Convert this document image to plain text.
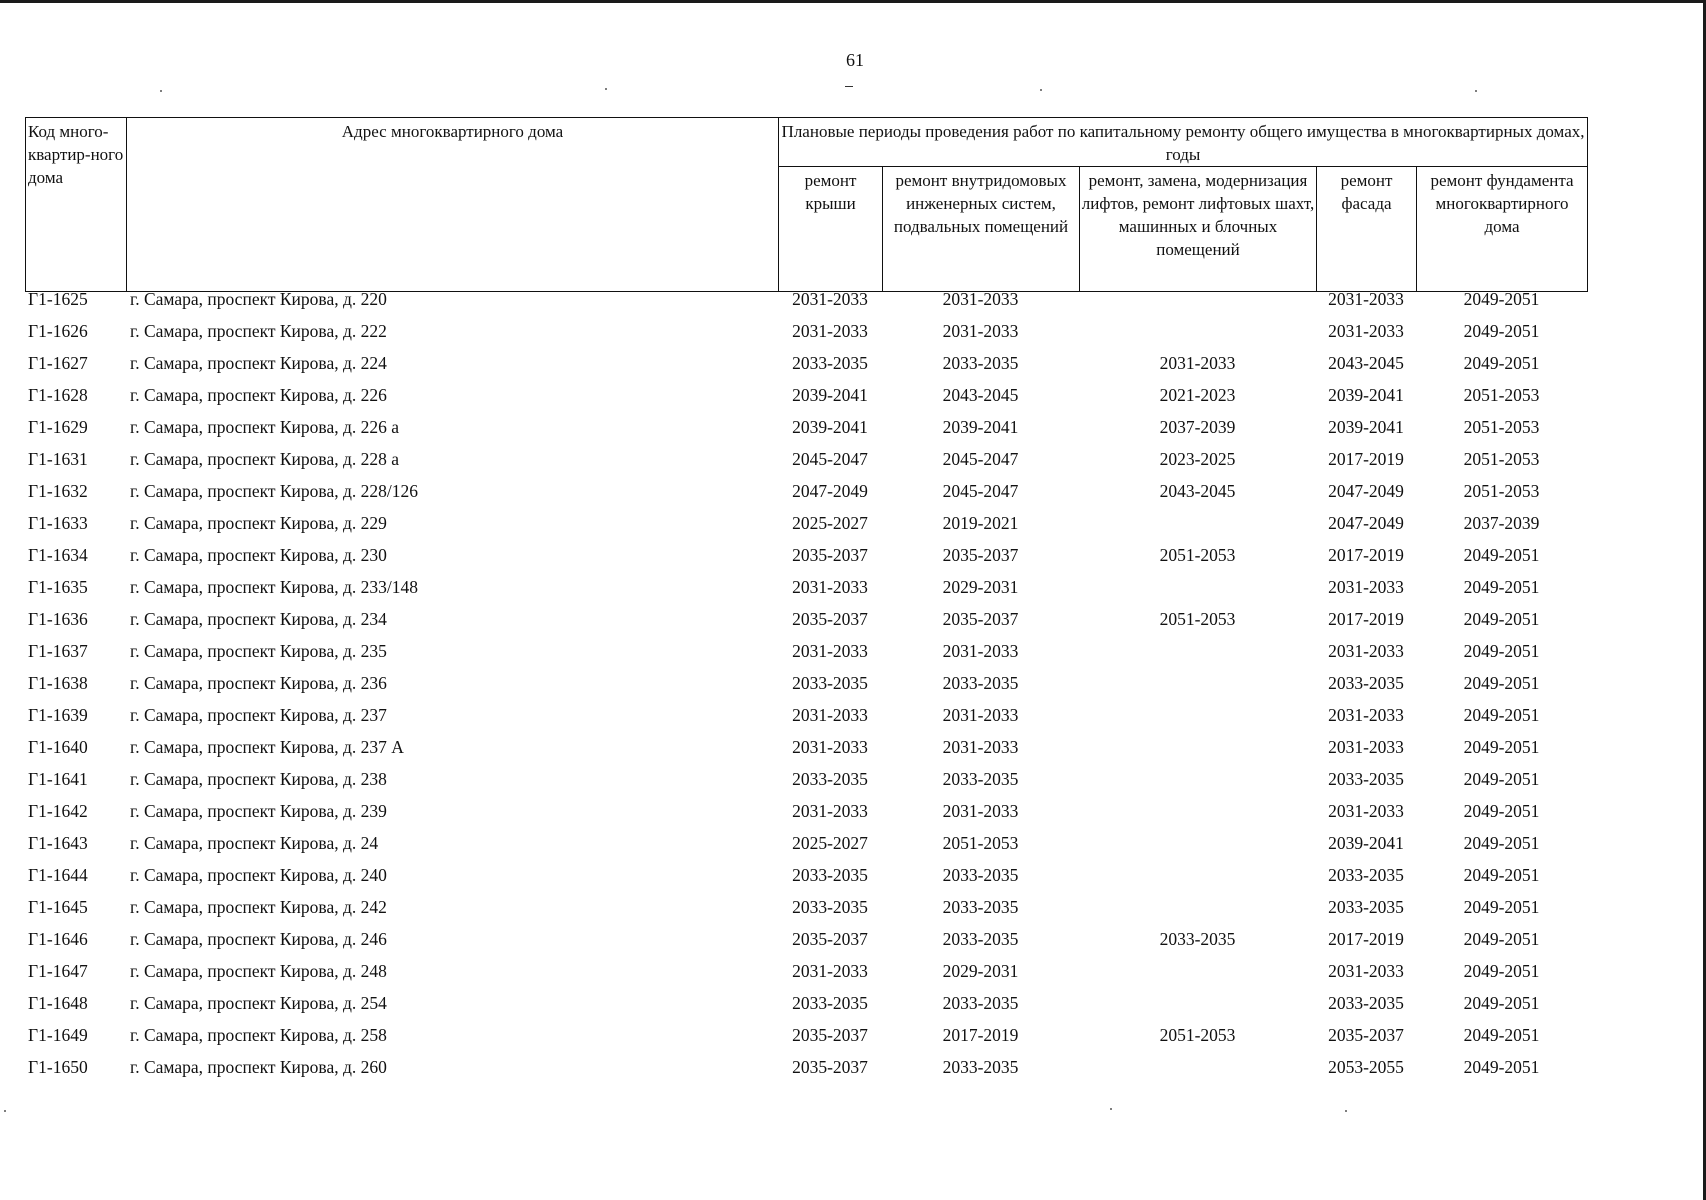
61
Код много-квартир-ного дома	Адрес многоквартирного дома	Плановые периоды проведения работ по капитальному ремонту общего имущества в многоквартирных домах, годы				
		ремонт крыши	ремонт внутридомовых инженерных систем, подвальных помещений	ремонт, замена, модернизация лифтов, ремонт лифтовых шахт, машинных и блочных помещений	ремонт фасада	ремонт фундамента многоквартирного дома
Г1-1625	г. Самара, проспект Кирова, д. 220	2031-2033	2031-2033		2031-2033	2049-2051
Г1-1626	г. Самара, проспект Кирова, д. 222	2031-2033	2031-2033		2031-2033	2049-2051
Г1-1627	г. Самара, проспект Кирова, д. 224	2033-2035	2033-2035	2031-2033	2043-2045	2049-2051
Г1-1628	г. Самара, проспект Кирова, д. 226	2039-2041	2043-2045	2021-2023	2039-2041	2051-2053
Г1-1629	г. Самара, проспект Кирова, д. 226 а	2039-2041	2039-2041	2037-2039	2039-2041	2051-2053
Г1-1631	г. Самара, проспект Кирова, д. 228 а	2045-2047	2045-2047	2023-2025	2017-2019	2051-2053
Г1-1632	г. Самара, проспект Кирова, д. 228/126	2047-2049	2045-2047	2043-2045	2047-2049	2051-2053
Г1-1633	г. Самара, проспект Кирова, д. 229	2025-2027	2019-2021		2047-2049	2037-2039
Г1-1634	г. Самара, проспект Кирова, д. 230	2035-2037	2035-2037	2051-2053	2017-2019	2049-2051
Г1-1635	г. Самара, проспект Кирова, д. 233/148	2031-2033	2029-2031		2031-2033	2049-2051
Г1-1636	г. Самара, проспект Кирова, д. 234	2035-2037	2035-2037	2051-2053	2017-2019	2049-2051
Г1-1637	г. Самара, проспект Кирова, д. 235	2031-2033	2031-2033		2031-2033	2049-2051
Г1-1638	г. Самара, проспект Кирова, д. 236	2033-2035	2033-2035		2033-2035	2049-2051
Г1-1639	г. Самара, проспект Кирова, д. 237	2031-2033	2031-2033		2031-2033	2049-2051
Г1-1640	г. Самара, проспект Кирова, д. 237 А	2031-2033	2031-2033		2031-2033	2049-2051
Г1-1641	г. Самара, проспект Кирова, д. 238	2033-2035	2033-2035		2033-2035	2049-2051
Г1-1642	г. Самара, проспект Кирова, д. 239	2031-2033	2031-2033		2031-2033	2049-2051
Г1-1643	г. Самара, проспект Кирова, д. 24	2025-2027	2051-2053		2039-2041	2049-2051
Г1-1644	г. Самара, проспект Кирова, д. 240	2033-2035	2033-2035		2033-2035	2049-2051
Г1-1645	г. Самара, проспект Кирова, д. 242	2033-2035	2033-2035		2033-2035	2049-2051
Г1-1646	г. Самара, проспект Кирова, д. 246	2035-2037	2033-2035	2033-2035	2017-2019	2049-2051
Г1-1647	г. Самара, проспект Кирова, д. 248	2031-2033	2029-2031		2031-2033	2049-2051
Г1-1648	г. Самара, проспект Кирова, д. 254	2033-2035	2033-2035		2033-2035	2049-2051
Г1-1649	г. Самара, проспект Кирова, д. 258	2035-2037	2017-2019	2051-2053	2035-2037	2049-2051
Г1-1650	г. Самара, проспект Кирова, д. 260	2035-2037	2033-2035		2053-2055	2049-2051
